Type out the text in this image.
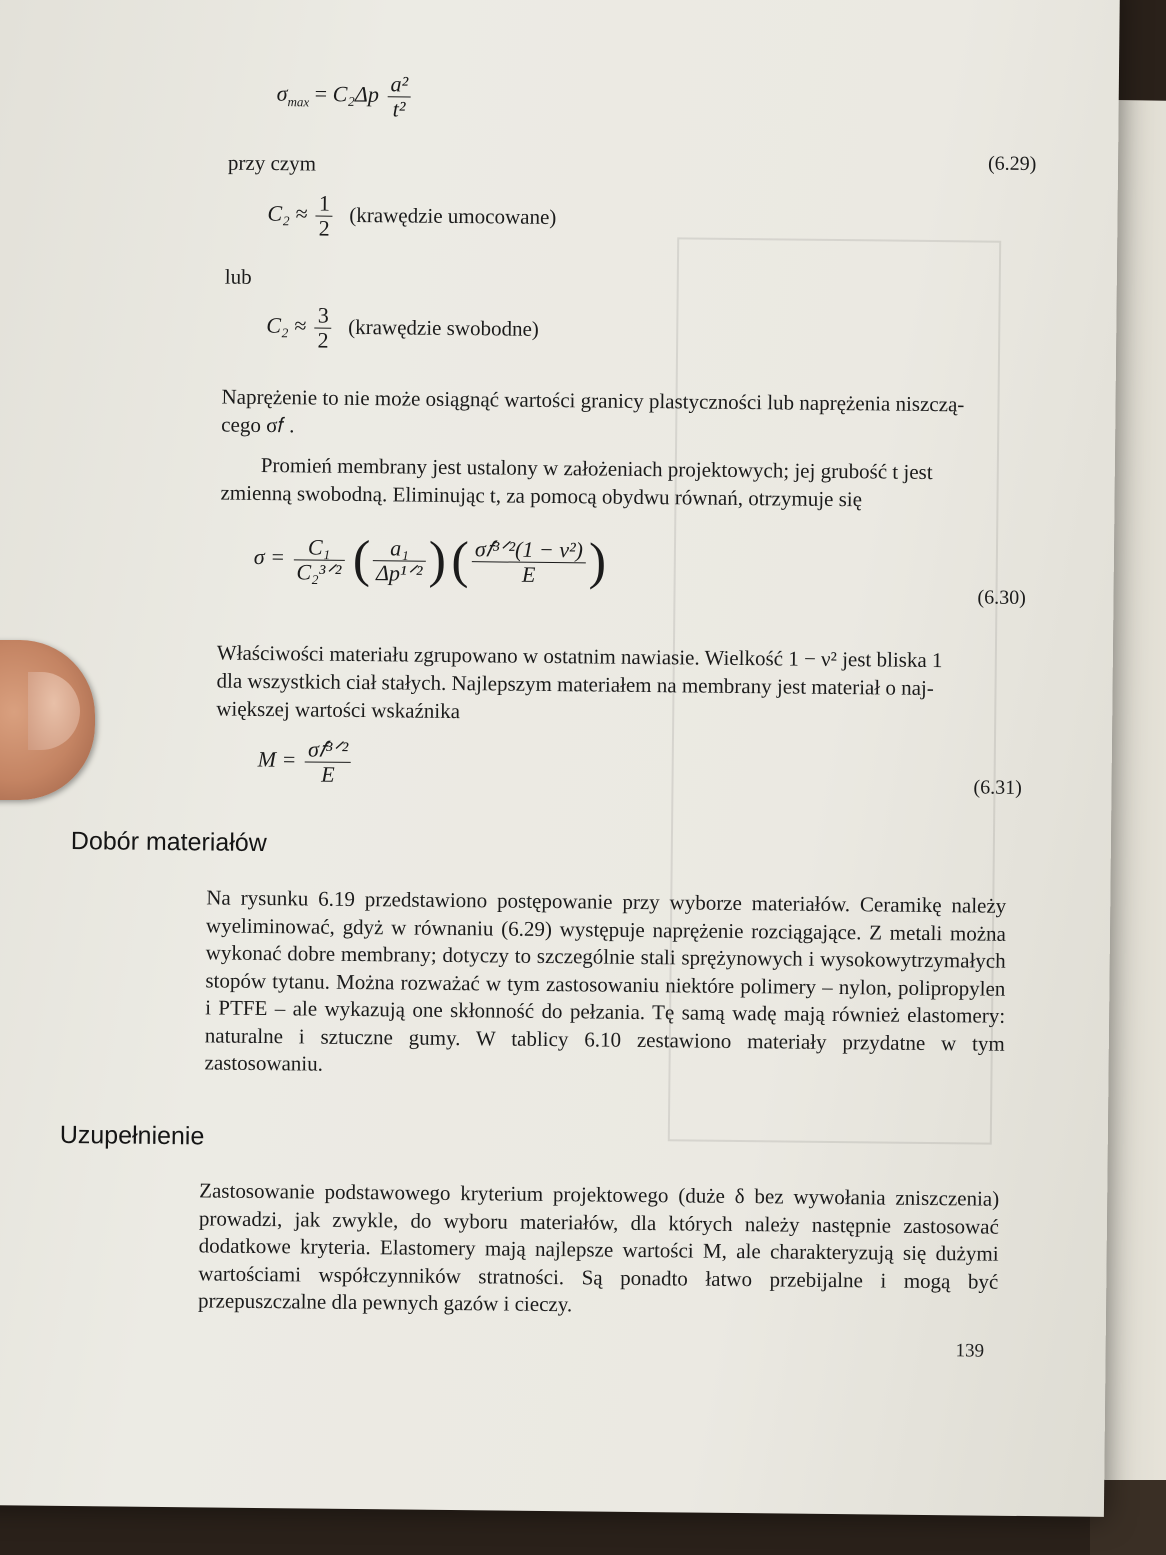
$\sigma_{max} = C_2\Delta p \frac{\text{a²}}{\text{t²}}$
przy czym	(6.29)
$C_2 \approx \frac{1}{2}$ (krawędzie umocowane)
lub
$C_2 \approx \frac{3}{2}$ (krawędzie swobodne)
Naprężenie to nie może osiągnąć wartości granicy plastyczności lub naprężenia niszczą-
cego σ𝑓 .
Promień membrany jest ustalony w założeniach projektowych; jej grubość t jest
zmienną swobodną. Eliminując t, za pomocą obydwu równań, otrzymuje się
$\sigma = \frac{\text{C₁}}{\text{C₂³ᐟ²}}$ ( $\frac{\text{a₁}}{\text{Δp¹ᐟ²}}$ ) ( $\frac{\text{σ𝑓³ᐟ²(1 − ν²)}}{E}$ )
(6.30)
Właściwości materiału zgrupowano w ostatnim nawiasie. Wielkość 1 − ν² jest bliska 1
dla wszystkich ciał stałych. Najlepszym materiałem na membrany jest materiał o naj-
większej wartości wskaźnika
$M = \frac{\text{σ𝑓³ᐟ²}}{E}$
(6.31)
Dobór materiałów
Na rysunku 6.19 przedstawiono postępowanie przy wyborze materiałów. Ceramikę należy wyeliminować, gdyż w równaniu (6.29) występuje naprężenie rozciągające. Z metali można wykonać dobre membrany; dotyczy to szczególnie stali sprężynowych i wysokowytrzymałych stopów tytanu. Można rozważać w tym zastosowaniu niektóre polimery – nylon, polipropylen i PTFE – ale wykazują one skłonność do pełzania. Tę samą wadę mają również elastomery: naturalne i sztuczne gumy. W tablicy 6.10 zestawiono materiały przydatne w tym zastosowaniu.
Uzupełnienie
Zastosowanie podstawowego kryterium projektowego (duże δ bez wywołania zniszczenia) prowadzi, jak zwykle, do wyboru materiałów, dla których należy następnie zastosować dodatkowe kryteria. Elastomery mają najlepsze wartości M, ale charakteryzują się dużymi wartościami współczynników stratności. Są ponadto łatwo przebijalne i mogą być przepuszczalne dla pewnych gazów i cieczy.
139
